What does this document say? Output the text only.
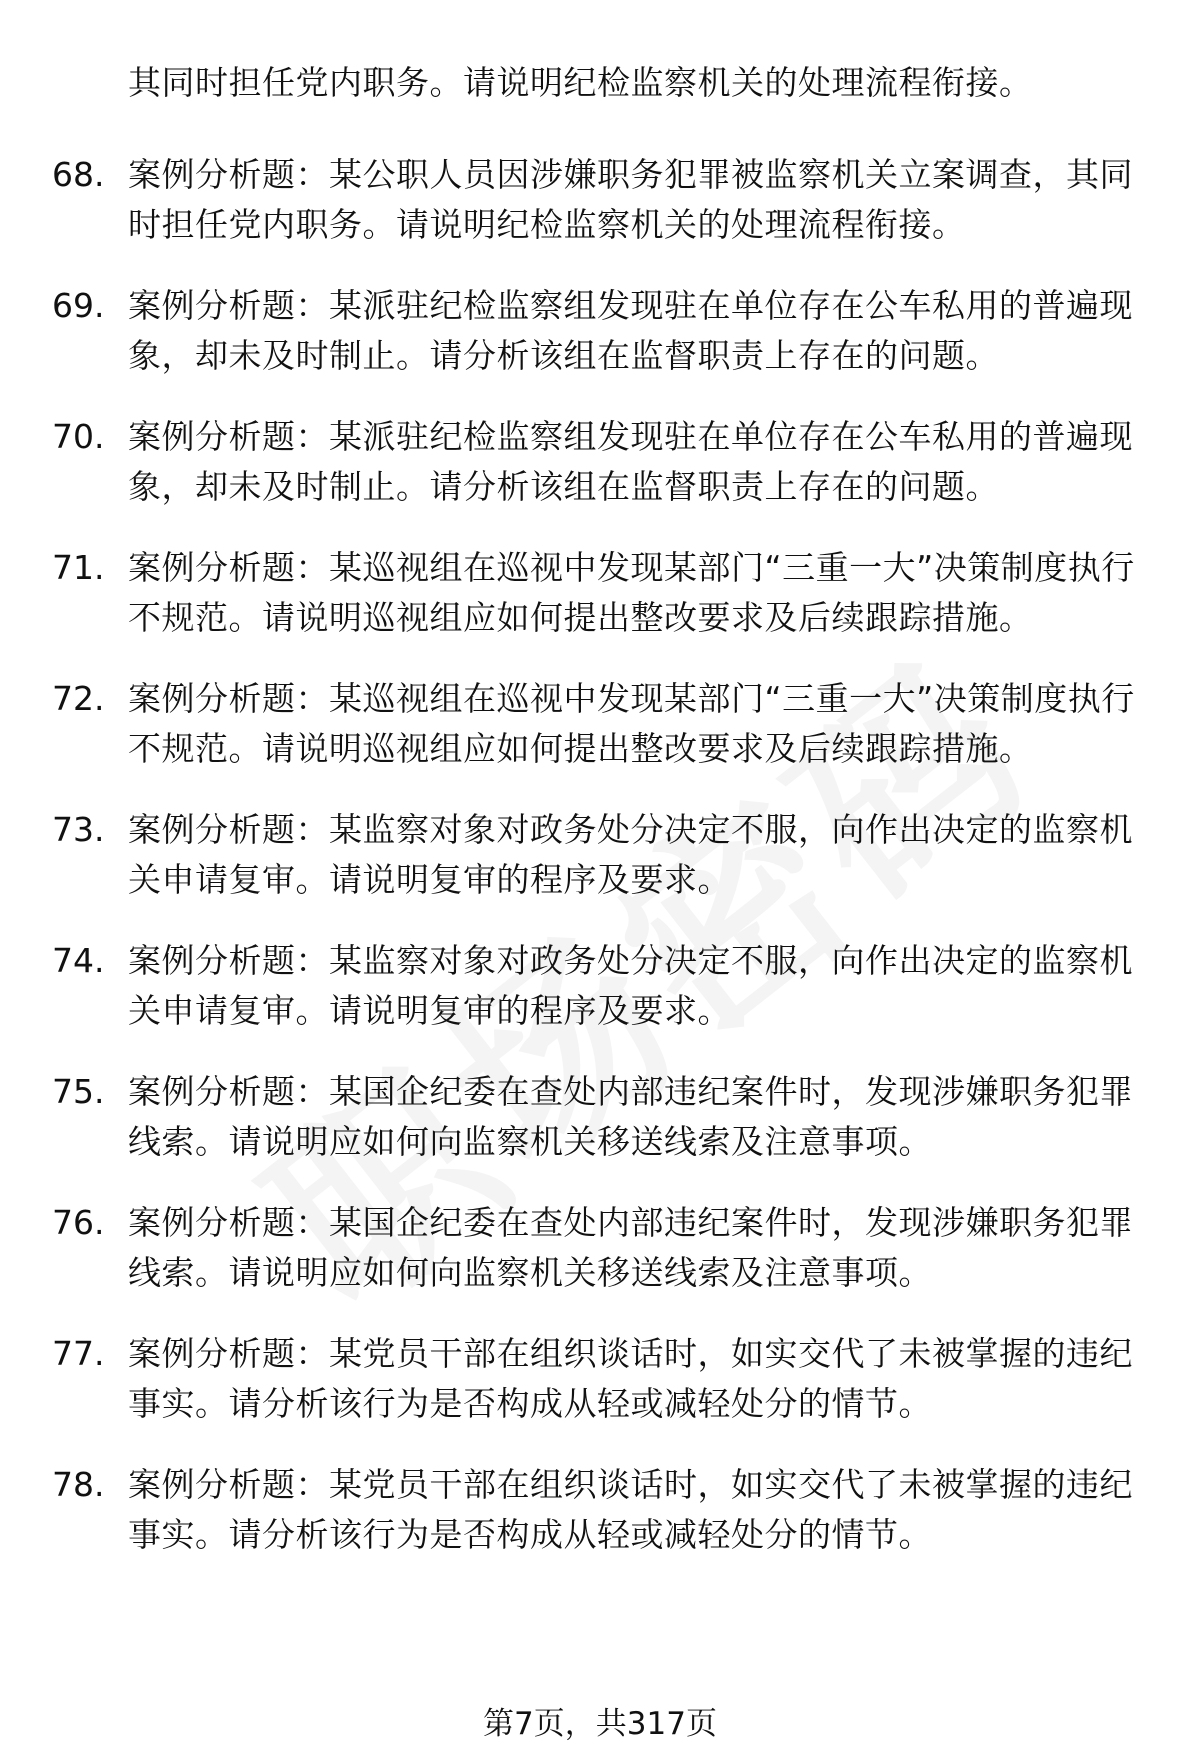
其同时担任党内职务。请说明纪检监察机关的处理流程衔接。
68. 案例分析题：某公职人员因涉嫌职务犯罪被监察机关立案调查，其同时担任党内职务。请说明纪检监察机关的处理流程衔接。
69. 案例分析题：某派驻纪检监察组发现驻在单位存在公车私用的普遍现象，却未及时制止。请分析该组在监督职责上存在的问题。
70. 案例分析题：某派驻纪检监察组发现驻在单位存在公车私用的普遍现象，却未及时制止。请分析该组在监督职责上存在的问题。
71. 案例分析题：某巡视组在巡视中发现某部门“三重一大”决策制度执行不规范。请说明巡视组应如何提出整改要求及后续跟踪措施。
72. 案例分析题：某巡视组在巡视中发现某部门“三重一大”决策制度执行不规范。请说明巡视组应如何提出整改要求及后续跟踪措施。
73. 案例分析题：某监察对象对政务处分决定不服，向作出决定的监察机关申请复审。请说明复审的程序及要求。
74. 案例分析题：某监察对象对政务处分决定不服，向作出决定的监察机关申请复审。请说明复审的程序及要求。
75. 案例分析题：某国企纪委在查处内部违纪案件时，发现涉嫌职务犯罪线索。请说明应如何向监察机关移送线索及注意事项。
76. 案例分析题：某国企纪委在查处内部违纪案件时，发现涉嫌职务犯罪线索。请说明应如何向监察机关移送线索及注意事项。
77. 案例分析题：某党员干部在组织谈话时，如实交代了未被掌握的违纪事实。请分析该行为是否构成从轻或减轻处分的情节。
78. 案例分析题：某党员干部在组织谈话时，如实交代了未被掌握的违纪事实。请分析该行为是否构成从轻或减轻处分的情节。
第7页，共317页
